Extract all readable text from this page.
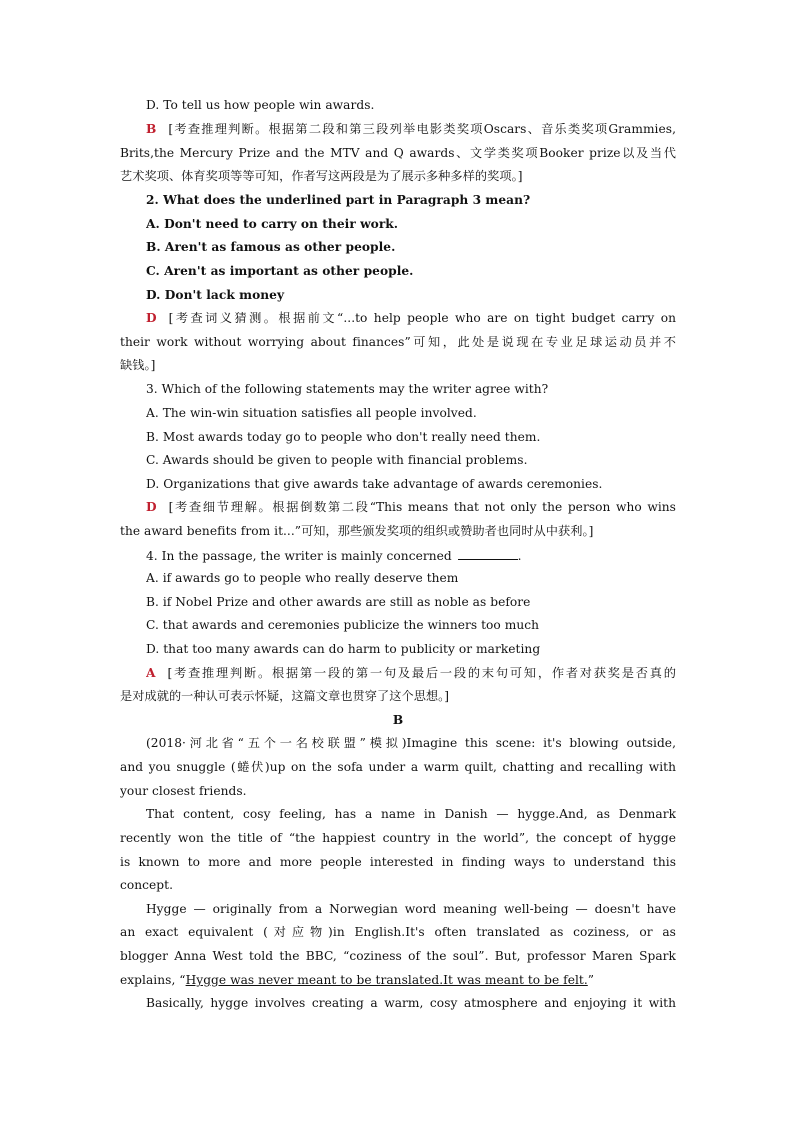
D. To tell us how people win awards.
B [考查推理判断。根据第二段和第三段列举电影类奖项Oscars、音乐类奖项Grammies,
Brits,the Mercury Prize and the MTV and Q awards、文学类奖项Booker prize以及当代
艺术奖项、体育奖项等等可知，作者写这两段是为了展示多种多样的奖项。]
2. What does the underlined part in Paragraph 3 mean?
A. Don't need to carry on their work.
B. Aren't as famous as other people.
C. Aren't as important as other people.
D. Don't lack money
D [考查词义猜测。根据前文“...to help people who are on tight budget carry on
their work without worrying about finances”可知，此处是说现在专业足球运动员并不
缺钱。]
3. Which of the following statements may the writer agree with?
A. The win-win situation satisfies all people involved.
B. Most awards today go to people who don't really need them.
C. Awards should be given to people with financial problems.
D. Organizations that give awards take advantage of awards ceremonies.
D [考查细节理解。根据倒数第二段“This means that not only the person who wins
the award benefits from it...”可知，那些颁发奖项的组织或赞助者也同时从中获利。]
4. In the passage, the writer is mainly concerned	.
A. if awards go to people who really deserve them
B. if Nobel Prize and other awards are still as noble as before
C. that awards and ceremonies publicize the winners too much
D. that too many awards can do harm to publicity or marketing
A [考查推理判断。根据第一段的第一句及最后一段的末句可知，作者对获奖是否真的
是对成就的一种认可表示怀疑，这篇文章也贯穿了这个思想。]
B
(2018·河北省“五个一名校联盟”模拟)Imagine this scene: it's blowing outside,
and you snuggle (蜷伏)up on the sofa under a warm quilt, chatting and recalling with
your closest friends.
That content, cosy feeling, has a name in Danish — hygge.And, as Denmark
recently won the title of “the happiest country in the world”, the concept of hygge
is known to more and more people interested in finding ways to understand this
concept.
Hygge — originally from a Norwegian word meaning well-being — doesn't have
an exact equivalent (对应物)in English.It's often translated as coziness, or as
blogger Anna West told the BBC, “coziness of the soul”. But, professor Maren Spark
explains, “Hygge was never meant to be translated.It was meant to be felt.”
Basically, hygge involves creating a warm, cosy atmosphere and enjoying it with
